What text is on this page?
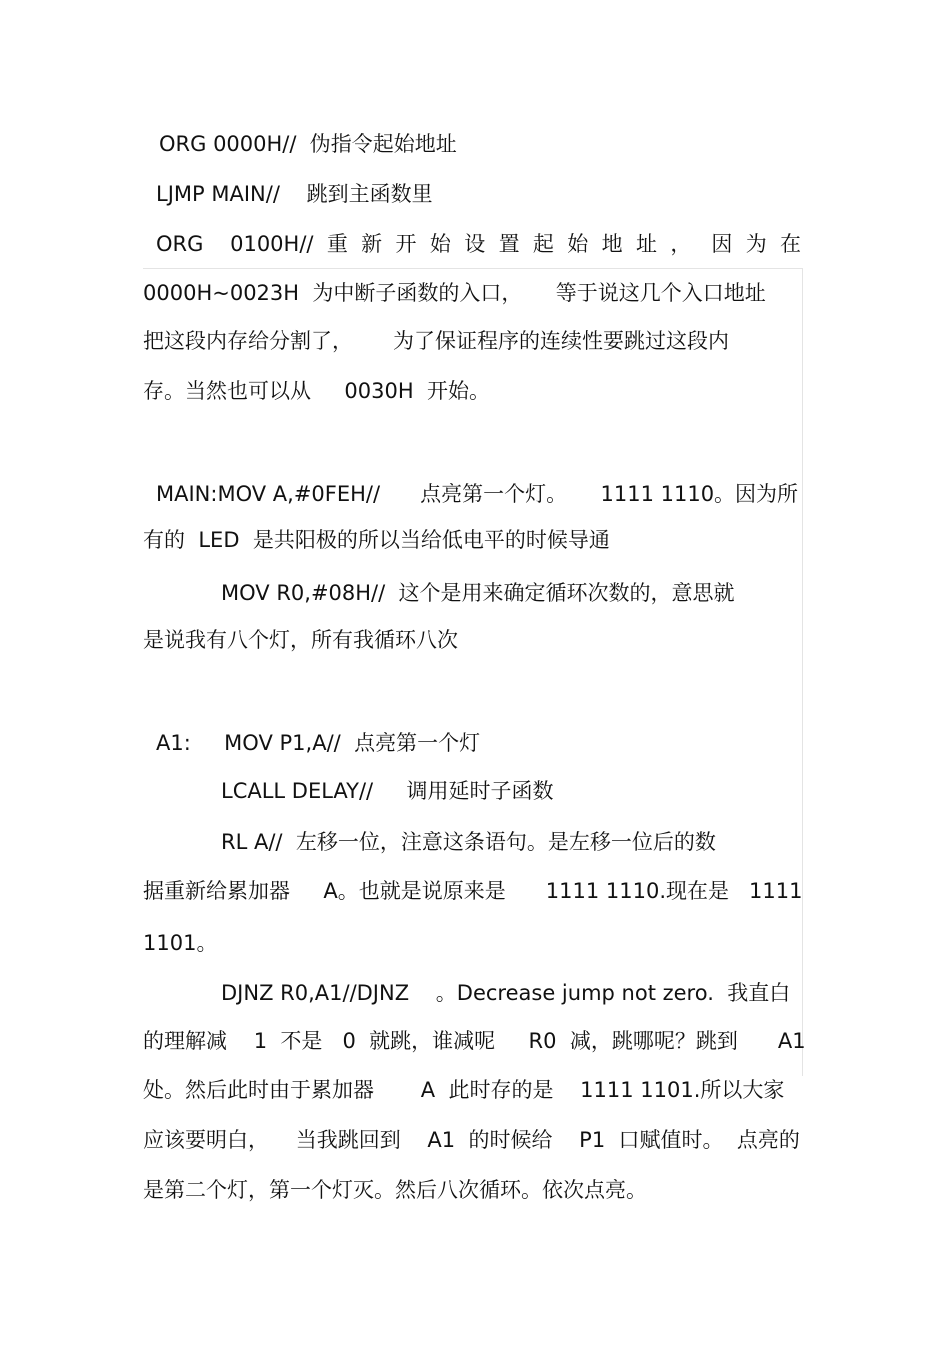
ORG 0000H//  伪指令起始地址
LJMP MAIN//    跳到主函数里
ORG    0100H//  重  新  开  始  设  置  起  始  地  址  ，   因  为  在
0000H~0023H  为中断子函数的入口，     等于说这几个入口地址
把这段内存给分割了，      为了保证程序的连续性要跳过这段内
存。当然也可以从     0030H  开始。
MAIN:MOV A,#0FEH//      点亮第一个灯。     1111 1110。因为所
有的  LED  是共阳极的所以当给低电平的时候导通
MOV R0,#08H//  这个是用来确定循环次数的，意思就
是说我有八个灯，所有我循环八次
A1:     MOV P1,A//  点亮第一个灯
LCALL DELAY//     调用延时子函数
RL A//  左移一位，注意这条语句。是左移一位后的数
据重新给累加器     A。也就是说原来是      1111 1110.现在是   1111
1101。
DJNZ R0,A1//DJNZ    。Decrease jump not zero.  我直白
的理解减    1  不是   0  就跳，谁减呢     R0  减，跳哪呢？跳到      A1
处。然后此时由于累加器       A  此时存的是    1111 1101.所以大家
应该要明白，    当我跳回到    A1  的时候给    P1  口赋值时。  点亮的
是第二个灯，第一个灯灭。然后八次循环。依次点亮。
